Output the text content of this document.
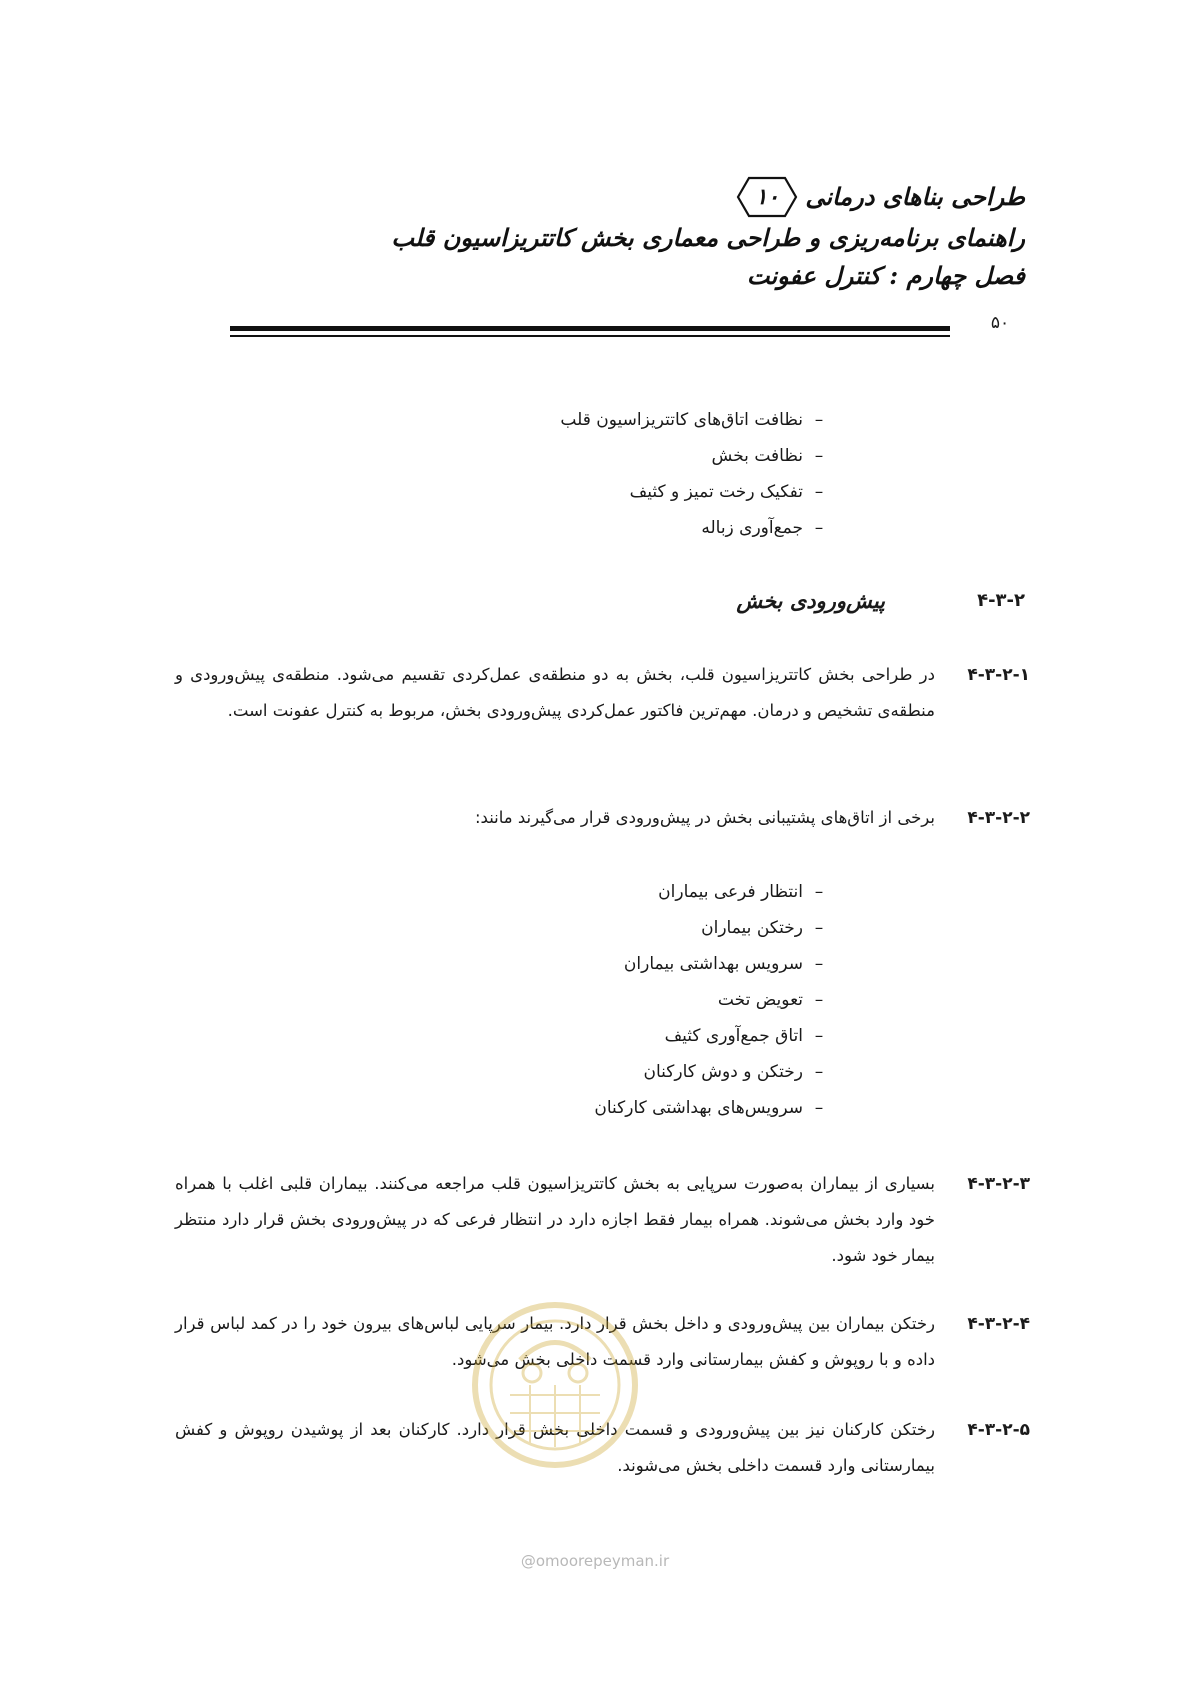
طراحی بناهای درمانی
۱۰
راهنمای برنامه‌ریزی و طراحی معماری بخش کاتتریزاسیون قلب
فصل چهارم : کنترل عفونت
۵۰
–نظافت اتاق‌های کاتتریزاسیون قلب
–نظافت بخش
–تفکیک رخت تمیز و کثیف
–جمع‌آوری زباله
۴-۳-۲
پیش‌ورودی بخش
۴-۳-۲-۱
در طراحی بخش کاتتریزاسیون قلب، بخش به دو منطقه‌ی عمل‌کردی تقسیم می‌شود. منطقه‌ی پیش‌ورودی و منطقه‌ی تشخیص و درمان. مهم‌ترین فاکتور عمل‌کردی پیش‌ورودی بخش، مربوط به کنترل عفونت است.
۴-۳-۲-۲
برخی از اتاق‌های پشتیبانی بخش در پیش‌ورودی قرار می‌گیرند مانند:
–انتظار فرعی بیماران
–رختکن بیماران
–سرویس بهداشتی بیماران
–تعویض تخت
–اتاق جمع‌آوری کثیف
–رختکن و دوش کارکنان
–سرویس‌های بهداشتی کارکنان
۴-۳-۲-۳
بسیاری از بیماران به‌صورت سرپایی به بخش کاتتریزاسیون قلب مراجعه می‌کنند. بیماران قلبی اغلب با همراه خود وارد بخش می‌شوند. همراه بیمار فقط اجازه دارد در انتظار فرعی که در پیش‌ورودی بخش قرار دارد منتظر بیمار خود شود.
۴-۳-۲-۴
رختکن بیماران بین پیش‌ورودی و داخل بخش قرار دارد. بیمار سرپایی لباس‌های بیرون خود را در کمد لباس قرار داده و با روپوش و کفش بیمارستانی وارد قسمت داخلی بخش می‌شود.
۴-۳-۲-۵
رختکن کارکنان نیز بین پیش‌ورودی و قسمت داخلی بخش قرار دارد. کارکنان بعد از پوشیدن روپوش و کفش بیمارستانی وارد قسمت داخلی بخش می‌شوند.
@omoorepeyman.ir
